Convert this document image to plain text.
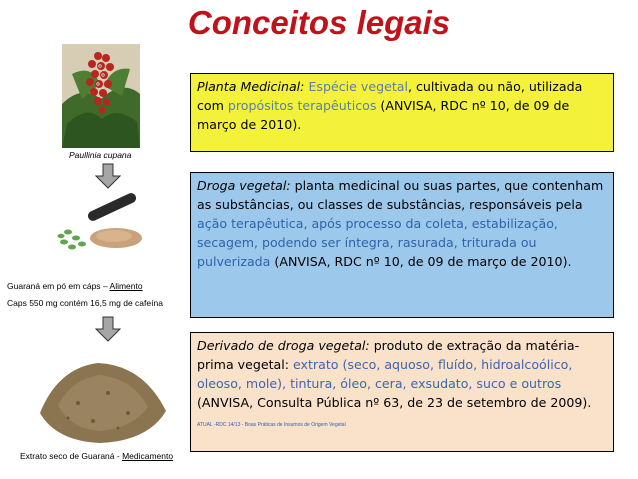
Conceitos legais
Paullinia cupana
Guaraná em pó em cáps – Alimento
Caps 550 mg contém 16,5 mg de cafeína
Extrato seco de Guaraná - Medicamento
Planta Medicinal: Espécie vegetal, cultivada ou não, utilizada com propósitos terapêuticos (ANVISA, RDC nº 10, de 09 de março de 2010).
Droga vegetal: planta medicinal ou suas partes, que contenham as substâncias, ou classes de substâncias, responsáveis pela ação terapêutica, após processo da coleta, estabilização, secagem, podendo ser íntegra, rasurada, triturada ou pulverizada (ANVISA, RDC nº 10, de 09 de março de 2010).
Derivado de droga vegetal: produto de extração da matéria-prima vegetal: extrato (seco, aquoso, fluído, hidroalcoólico, oleoso, mole), tintura, óleo, cera, exsudato, suco e outros (ANVISA, Consulta Pública nº 63, de 23 de setembro de 2009). ATUAL -RDC 14/13 - Boas Práticas de Insumos de Origem Vegetal
